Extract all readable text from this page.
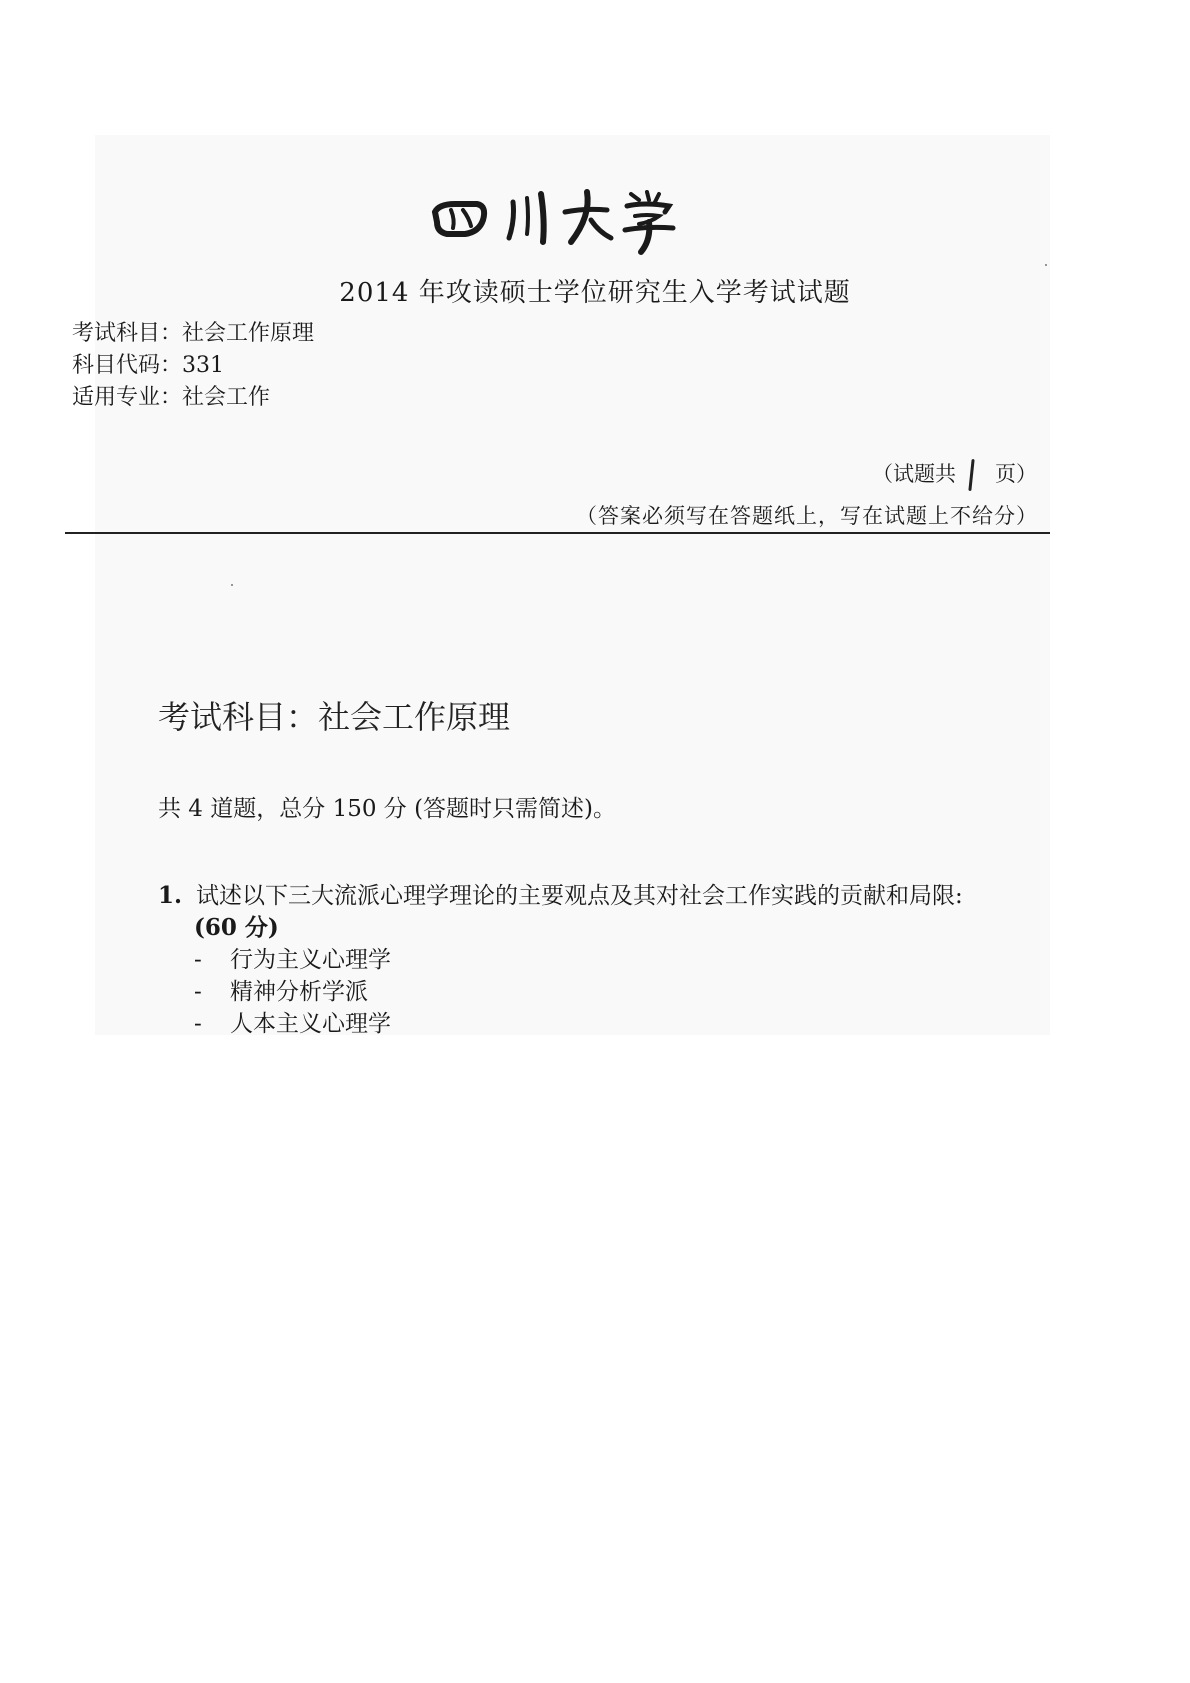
2014 年攻读硕士学位研究生入学考试试题
考试科目：社会工作原理
科目代码：331
适用专业：社会工作
（试题共 页）
（答案必须写在答题纸上，写在试题上不给分）
考试科目：社会工作原理
共 4 道题，总分 150 分 (答题时只需简述)。
1. 试述以下三大流派心理学理论的主要观点及其对社会工作实践的贡献和局限:
(60 分)
- 行为主义心理学
- 精神分析学派
- 人本主义心理学
